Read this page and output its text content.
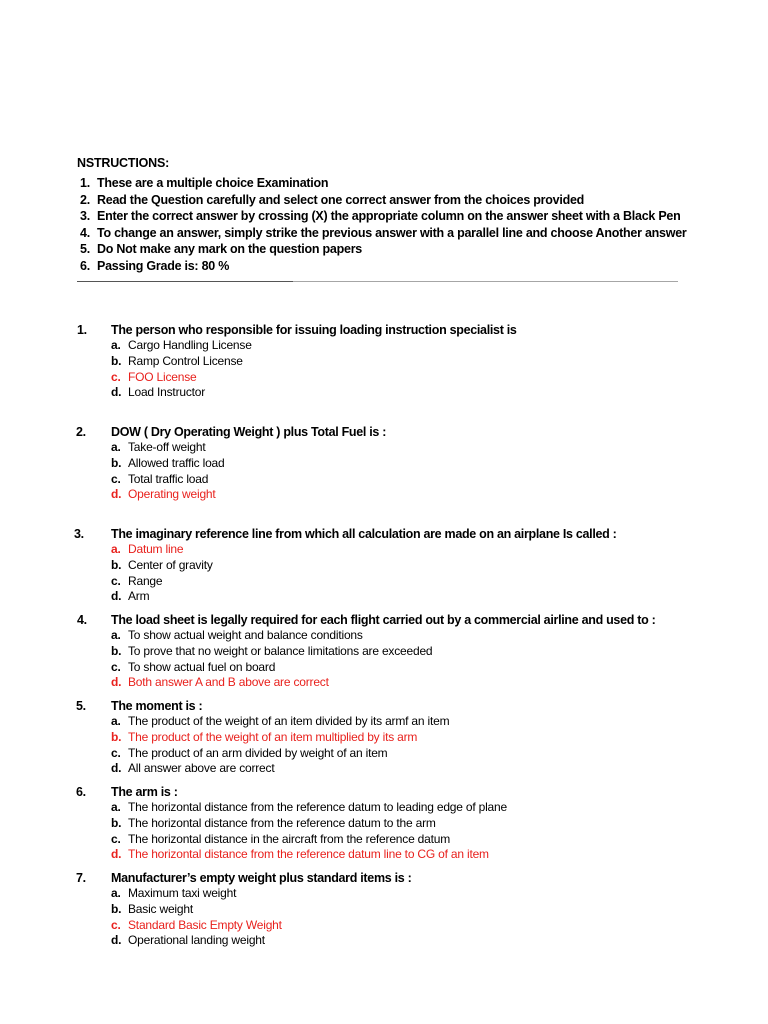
NSTRUCTIONS:
1. These are a multiple choice Examination
2. Read the Question carefully and select one correct answer from the choices provided
3. Enter the correct answer by crossing (X) the appropriate column on the answer sheet with a Black Pen
4. To change an answer, simply strike the previous answer with a parallel line and choose Another answer
5. Do Not make any mark on the question papers
6. Passing Grade is: 80 %
1. The person who responsible for issuing loading instruction specialist is
a. Cargo Handling License
b. Ramp Control License
c. FOO License
d. Load Instructor
2. DOW ( Dry Operating Weight ) plus Total Fuel is :
a. Take-off weight
b. Allowed traffic load
c. Total traffic load
d. Operating weight
3. The imaginary reference line from which all calculation are made on an airplane Is called :
a. Datum line
b. Center of gravity
c. Range
d. Arm
4. The load sheet is legally required for each flight carried out by a commercial airline and used to :
a. To show actual weight and balance conditions
b. To prove that no weight or balance limitations are exceeded
c. To show actual fuel on board
d. Both answer A and B above are correct
5. The moment is :
a. The product of the weight of an item divided by its armf an item
b. The product of the weight of an item multiplied by its arm
c. The product of an arm divided by weight of an item
d. All answer above are correct
6. The arm is :
a. The horizontal distance from the reference datum to leading edge of plane
b. The horizontal distance from the reference datum to the arm
c. The horizontal distance in the aircraft from the reference datum
d. The horizontal distance from the reference datum line to CG of an item
7. Manufacturer’s empty weight plus standard items is :
a. Maximum taxi weight
b. Basic weight
c. Standard Basic Empty Weight
d. Operational landing weight
